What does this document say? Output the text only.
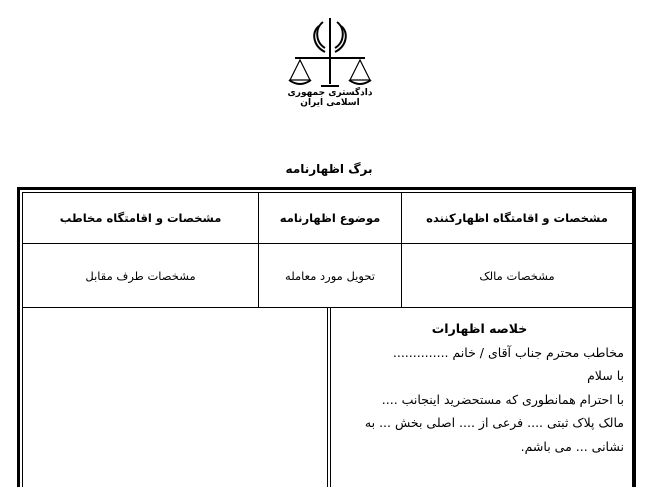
دادگستری جمهوری اسلامی ایران
برگ اظهارنامه
مشخصات و اقامتگاه اظهارکننده
موضوع اظهارنامه
مشخصات و اقامتگاه مخاطب
مشخصات مالک
تحویل مورد معامله
مشخصات طرف مقابل
خلاصه اظهارات
مخاطب محترم جناب آقای / خانم ..............
با سلام
با احترام همانطوری که مستحضرید اینجانب ....
مالک پلاک ثبتی .... فرعی از .... اصلی بخش ... به
نشانی ... می باشم.
